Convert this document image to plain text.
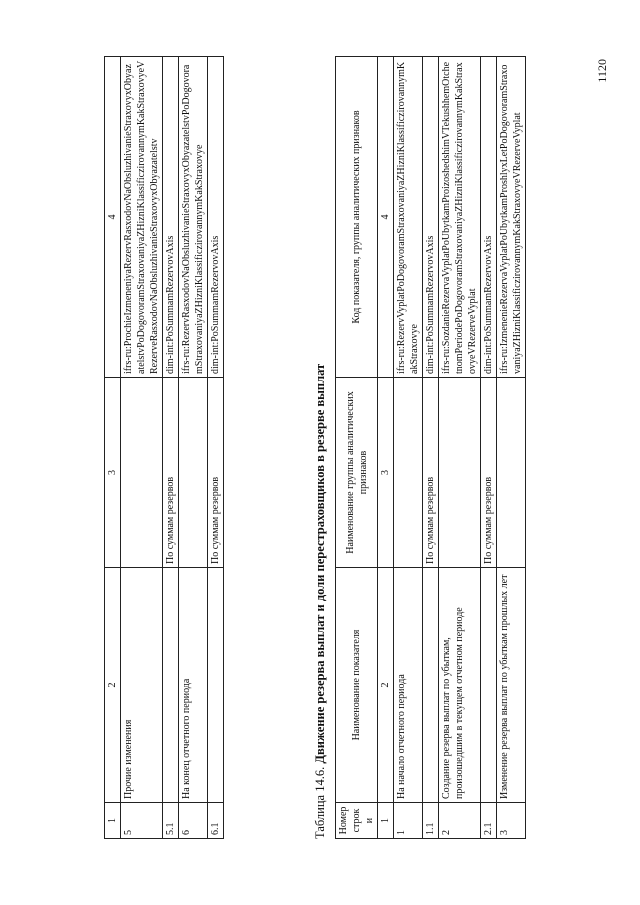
1	2	3	4
5	Прочие изменения		ifrs-ru:ProchieIzmeneniyaRezervRasxodovNaObsluzhivanieStraxovyxObyazatelstvPoDogovoramStraxovaniyaZHizniKlassificzirovannymKakStraxovyeVRezerveRasxodovNaObsluzhivanieStraxovyxObyazatelstv
5.1		По суммам резервов	dim-int:PoSummamRezervovAxis
6	На конец отчетного периода		ifrs-ru:RezervRasxodovNaObsluzhivanieStraxovyxObyazatelstvPoDogovoramStraxovaniyaZHizniKlassificzirovannymKakStraxovye
6.1		По суммам резервов	dim-int:PoSummamRezervovAxis
Таблица 14.6. Движение резерва выплат и доли перестраховщиков в резерве выплат
Номер строки	Наименование показателя	Наименование группы аналитических признаков	Код показателя, группы аналитических признаков
1	2	3	4
1	На начало отчетного периода		ifrs-ru:RezervVyplatPoDogovoramStraxovaniyaZHizniKlassificzirovannymKakStraxovye
1.1		По суммам резервов	dim-int:PoSummamRezervovAxis
2	Создание резерва выплат по убыткам, произошедшим в текущем отчетном периоде		ifrs-ru:SozdanieRezervaVyplatPoUbytkamProizoshedshimVTekushhemOtchetnomPeriodePoDogovoramStraxovaniyaZHizniKlassificzirovannymKakStraxovyeVRezerveVyplat
2.1		По суммам резервов	dim-int:PoSummamRezervovAxis
3	Изменение резерва выплат по убыткам прошлых лет		ifrs-ru:IzmenenieRezervaVyplatPoUbytkamProshlyxLetPoDogovoramStraxovaniyaZHizniKlassificzirovannymKakStraxovyeVRezerveVyplat
1120
